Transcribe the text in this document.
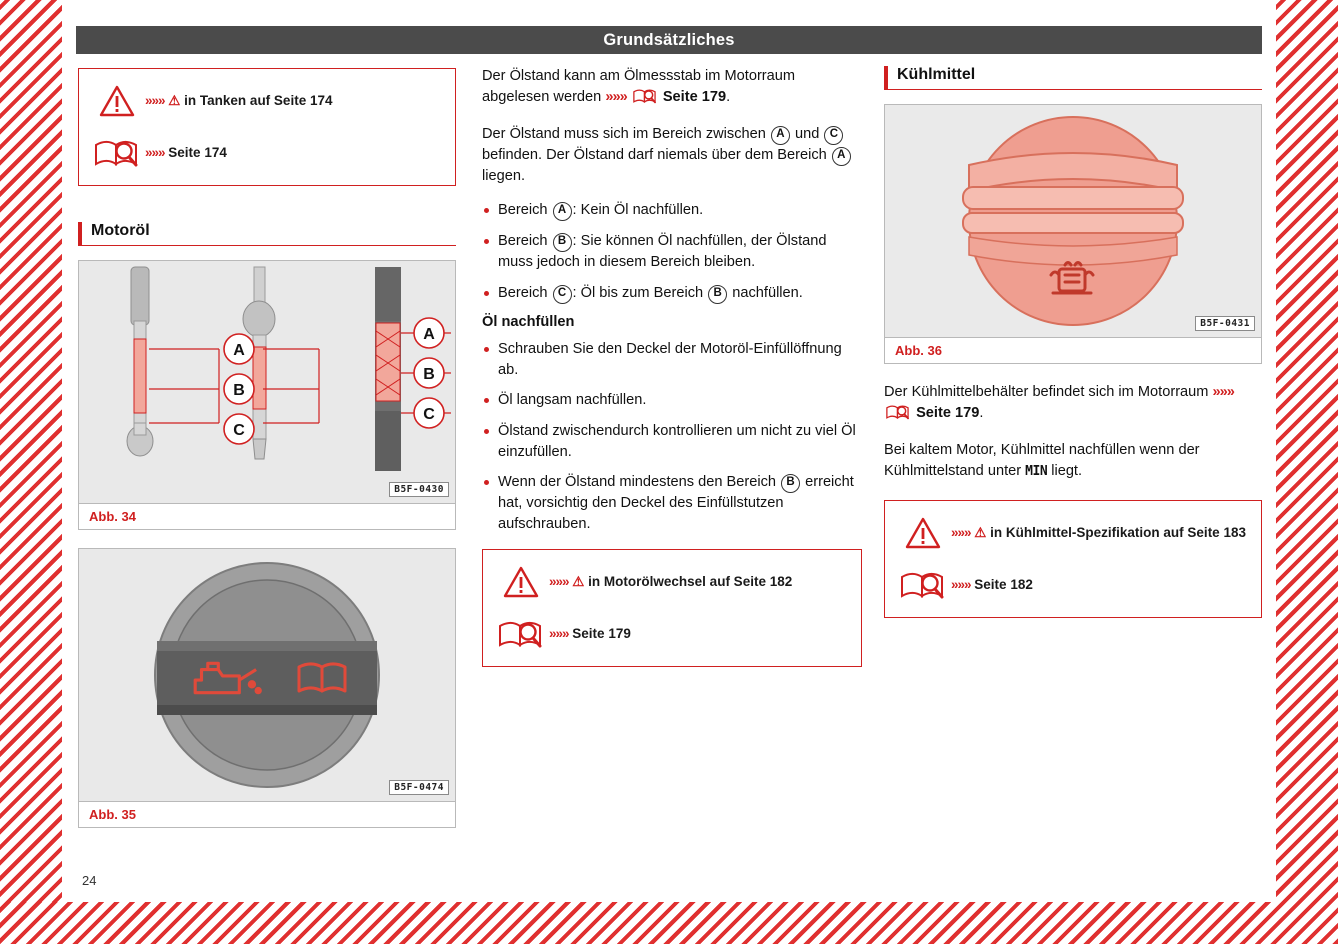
Grundsätzliches
»»» ⚠ in Tanken auf Seite 174
»»» Seite 174
Motoröl
A
B
C
A
B
C
B5F-0430
Abb. 34
B5F-0474
Abb. 35

Der Ölstand kann am Ölmessstab im Motorraum abgelesen werden »»» Seite 179.

Der Ölstand muss sich im Bereich zwischen A und C befinden. Der Ölstand darf niemals über dem Bereich A liegen.

Bereich A : Kein Öl nachfüllen.
Bereich B : Sie können Öl nachfüllen, der Ölstand muss jedoch in diesem Bereich bleiben.
Bereich C : Öl bis zum Bereich B nachfüllen.

Öl nachfüllen

Schrauben Sie den Deckel der Motoröl-Einfüllöffnung ab.
Öl langsam nachfüllen.
Ölstand zwischendurch kontrollieren um nicht zu viel Öl einzufüllen.
Wenn der Ölstand mindestens den Bereich B erreicht hat, vorsichtig den Deckel des Einfüllstutzen aufschrauben.
»»» ⚠ in Motorölwechsel auf Seite 182
»»» Seite 179
Kühlmittel
B5F-0431
Abb. 36

Der Kühlmittelbehälter befindet sich im Motorraum »»»  Seite 179.

Bei kaltem Motor, Kühlmittel nachfüllen wenn der Kühlmittelstand unter MIN liegt.

»»» ⚠ in Kühlmittel-Spezifikation auf Seite 183
»»» Seite 182
24
